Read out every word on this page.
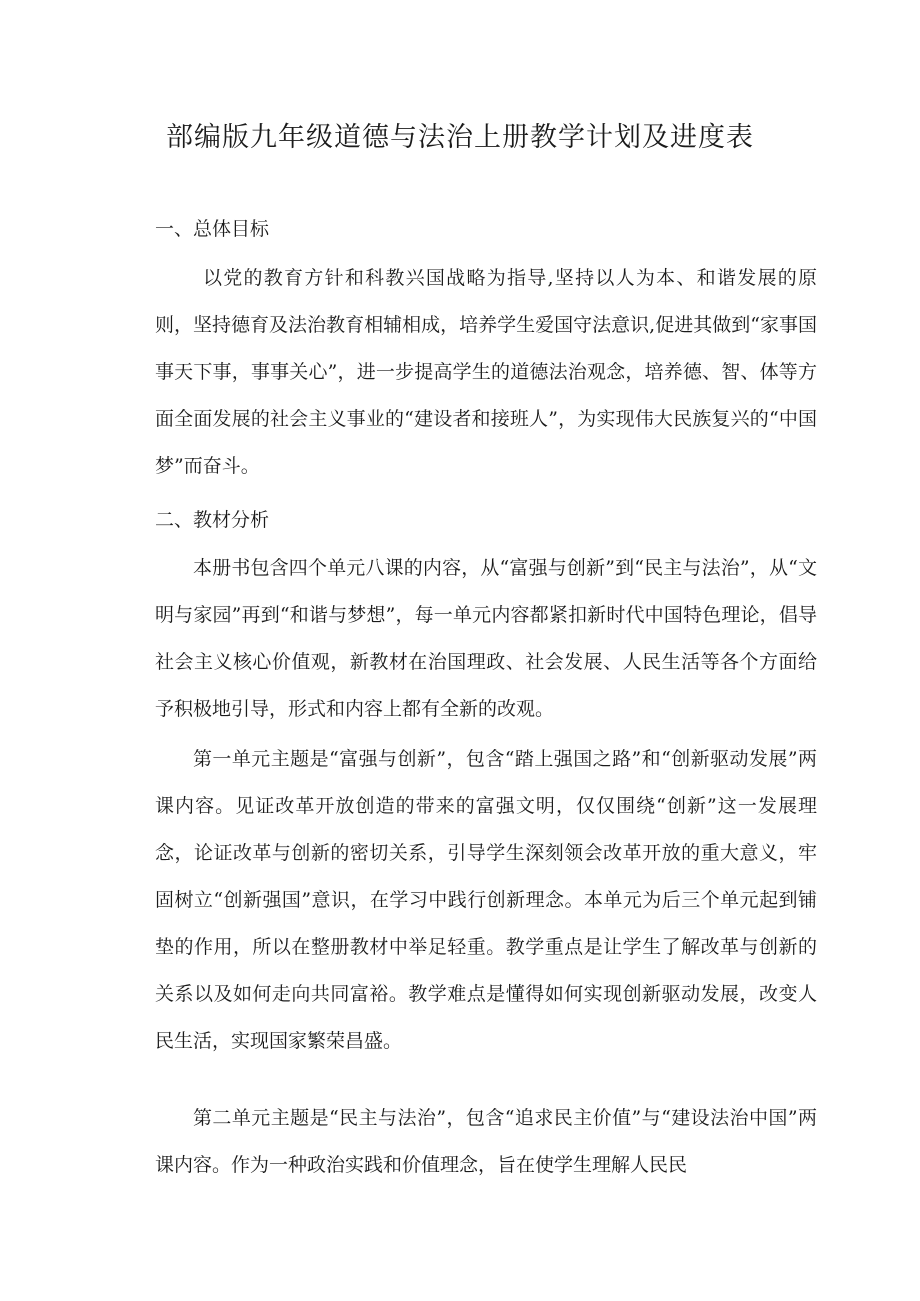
部编版九年级道德与法治上册教学计划及进度表

一、总体目标

以党的教育方针和科教兴国战略为指导,坚持以人为本、和谐发展的原则，坚持德育及法治教育相辅相成，培养学生爱国守法意识,促进其做到“家事国事天下事，事事关心”，进一步提高学生的道德法治观念，培养德、智、体等方面全面发展的社会主义事业的“建设者和接班人”，为实现伟大民族复兴的“中国梦”而奋斗。

二、教材分析

本册书包含四个单元八课的内容，从“富强与创新”到“民主与法治”，从“文明与家园”再到“和谐与梦想”，每一单元内容都紧扣新时代中国特色理论，倡导社会主义核心价值观，新教材在治国理政、社会发展、人民生活等各个方面给予积极地引导，形式和内容上都有全新的改观。

第一单元主题是“富强与创新”，包含“踏上强国之路”和“创新驱动发展”两课内容。见证改革开放创造的带来的富强文明，仅仅围绕“创新”这一发展理念，论证改革与创新的密切关系，引导学生深刻领会改革开放的重大意义，牢固树立“创新强国”意识，在学习中践行创新理念。本单元为后三个单元起到铺垫的作用，所以在整册教材中举足轻重。教学重点是让学生了解改革与创新的关系以及如何走向共同富裕。教学难点是懂得如何实现创新驱动发展，改变人民生活，实现国家繁荣昌盛。

第二单元主题是“民主与法治”，包含“追求民主价值”与“建设法治中国”两课内容。作为一种政治实践和价值理念，旨在使学生理解人民民
